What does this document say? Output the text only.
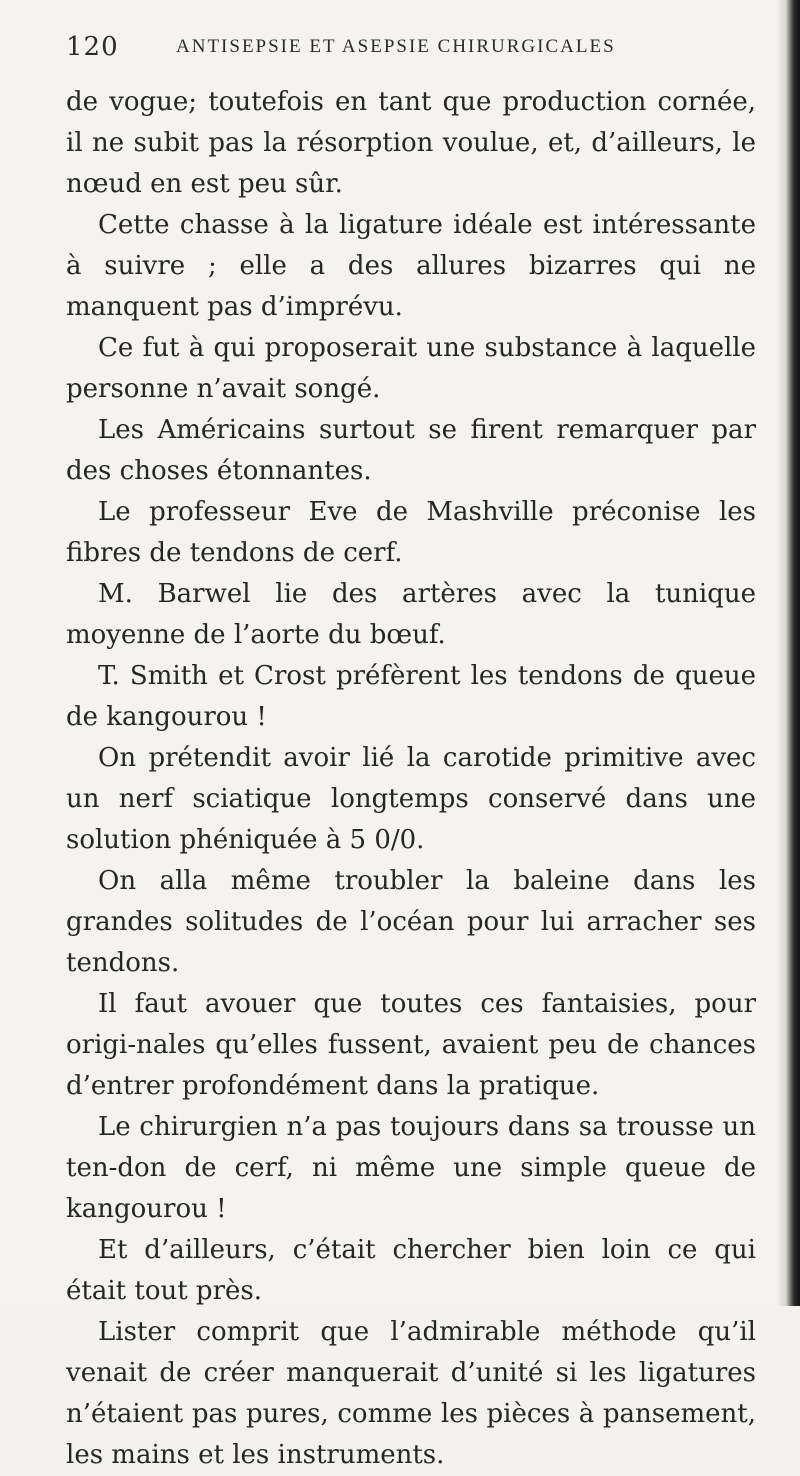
120	ANTISEPSIE ET ASEPSIE CHIRURGICALES

de vogue; toutefois en tant que production cornée, il ne subit pas la résorption voulue, et, d’ailleurs, le nœud en est peu sûr.

Cette chasse à la ligature idéale est intéressante à suivre ; elle a des allures bizarres qui ne manquent pas d’imprévu.

Ce fut à qui proposerait une substance à laquelle personne n’avait songé.

Les Américains surtout se firent remarquer par des choses étonnantes.

Le professeur Eve de Mashville préconise les fibres de tendons de cerf.

M. Barwel lie des artères avec la tunique moyenne de l’aorte du bœuf.

T. Smith et Crost préfèrent les tendons de queue de kangourou !

On prétendit avoir lié la carotide primitive avec un nerf sciatique longtemps conservé dans une solution phéniquée à 5 0/0.

On alla même troubler la baleine dans les grandes solitudes de l’océan pour lui arracher ses tendons.

Il faut avouer que toutes ces fantaisies, pour origi-nales qu’elles fussent, avaient peu de chances d’entrer profondément dans la pratique.

Le chirurgien n’a pas toujours dans sa trousse un ten-don de cerf, ni même une simple queue de kangourou !

Et d’ailleurs, c’était chercher bien loin ce qui était tout près.

Lister comprit que l’admirable méthode qu’il venait de créer manquerait d’unité si les ligatures n’étaient pas pures, comme les pièces à pansement, les mains et les instruments.
